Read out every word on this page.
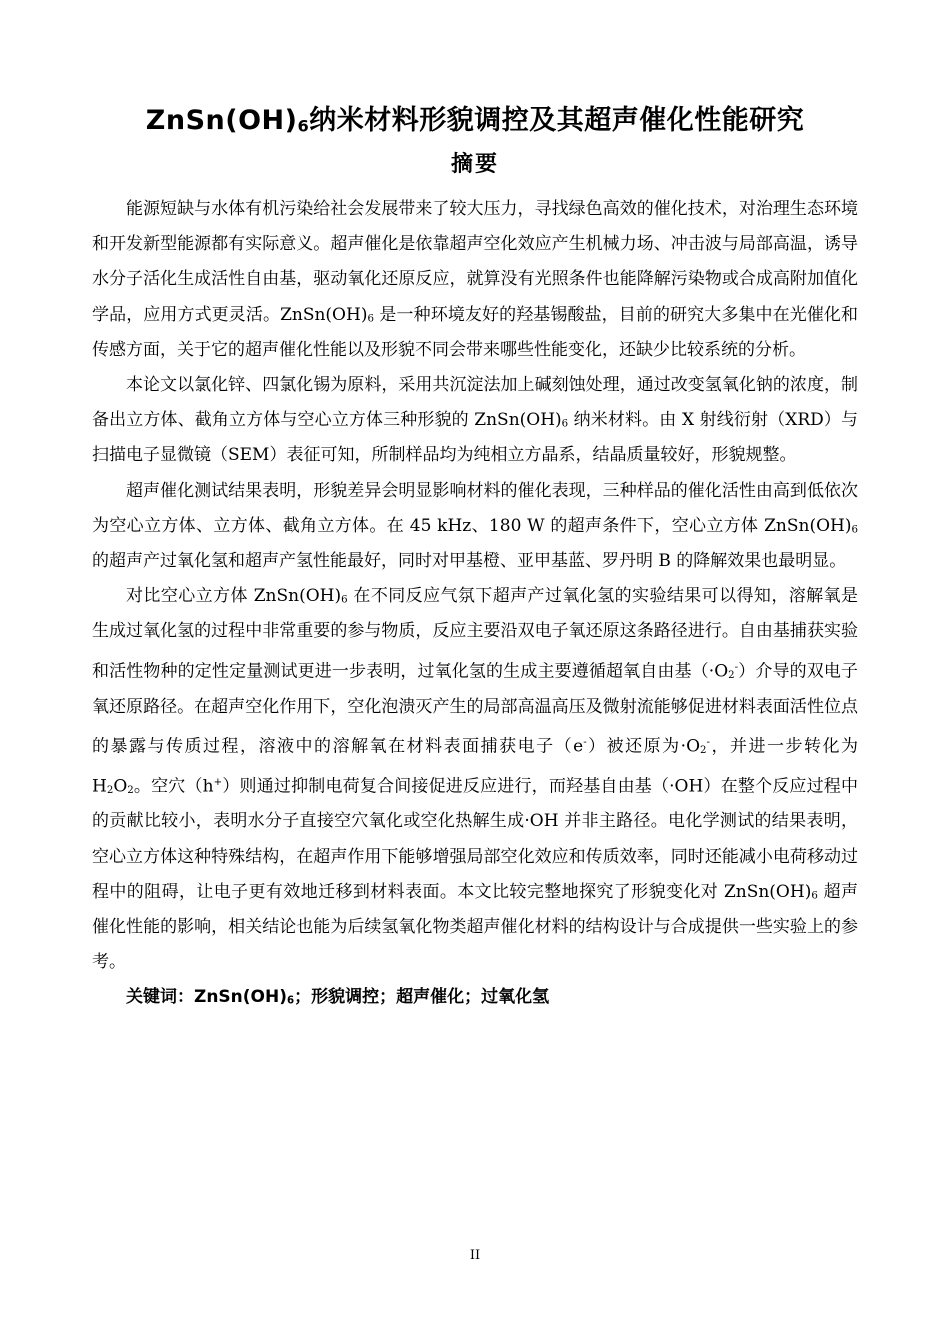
$ZnSn(OH)_6$纳米材料形貌调控及其超声催化性能研究
摘要

能源短缺与水体有机污染给社会发展带来了较大压力，寻找绿色高效的催化技术，对治理生态环境和开发新型能源都有实际意义。超声催化是依靠超声空化效应产生机械力场、冲击波与局部高温，诱导水分子活化生成活性自由基，驱动氧化还原反应，就算没有光照条件也能降解污染物或合成高附加值化学品，应用方式更灵活。$ZnSn(OH)_6$ 是一种环境友好的羟基锡酸盐，目前的研究大多集中在光催化和传感方面，关于它的超声催化性能以及形貌不同会带来哪些性能变化，还缺少比较系统的分析。

本论文以氯化锌、四氯化锡为原料，采用共沉淀法加上碱刻蚀处理，通过改变氢氧化钠的浓度，制备出立方体、截角立方体与空心立方体三种形貌的 $ZnSn(OH)_6$ 纳米材料。由 X 射线衍射（XRD）与扫描电子显微镜（SEM）表征可知，所制样品均为纯相立方晶系，结晶质量较好，形貌规整。

超声催化测试结果表明，形貌差异会明显影响材料的催化表现，三种样品的催化活性由高到低依次为空心立方体、立方体、截角立方体。在 45 kHz、180 W 的超声条件下，空心立方体 $ZnSn(OH)_6$ 的超声产过氧化氢和超声产氢性能最好，同时对甲基橙、亚甲基蓝、罗丹明 B 的降解效果也最明显。

对比空心立方体 $ZnSn(OH)_6$ 在不同反应气氛下超声产过氧化氢的实验结果可以得知，溶解氧是生成过氧化氢的过程中非常重要的参与物质，反应主要沿双电子氧还原这条路径进行。自由基捕获实验和活性物种的定性定量测试更进一步表明，过氧化氢的生成主要遵循超氧自由基$(\cdot O_2^-)$介导的双电子氧还原路径。在超声空化作用下，空化泡溃灭产生的局部高温高压及微射流能够促进材料表面活性位点的暴露与传质过程，溶液中的溶解氧在材料表面捕获电子（e-）被还原为$\cdot O_2^-$，并进一步转化为 $H_2O_2$。空穴（h+）则通过抑制电荷复合间接促进反应进行，而羟基自由基（·OH）在整个反应过程中的贡献比较小，表明水分子直接空穴氧化或空化热解生成·OH 并非主路径。电化学测试的结果表明，空心立方体这种特殊结构，在超声作用下能够增强局部空化效应和传质效率，同时还能减小电荷移动过程中的阻碍，让电子更有效地迁移到材料表面。本文比较完整地探究了形貌变化对 $ZnSn(OH)_6$ 超声催化性能的影响，相关结论也能为后续氢氧化物类超声催化材料的结构设计与合成提供一些实验上的参考。

关键词：$ZnSn(OH)_6$；形貌调控；超声催化；过氧化氢

II
